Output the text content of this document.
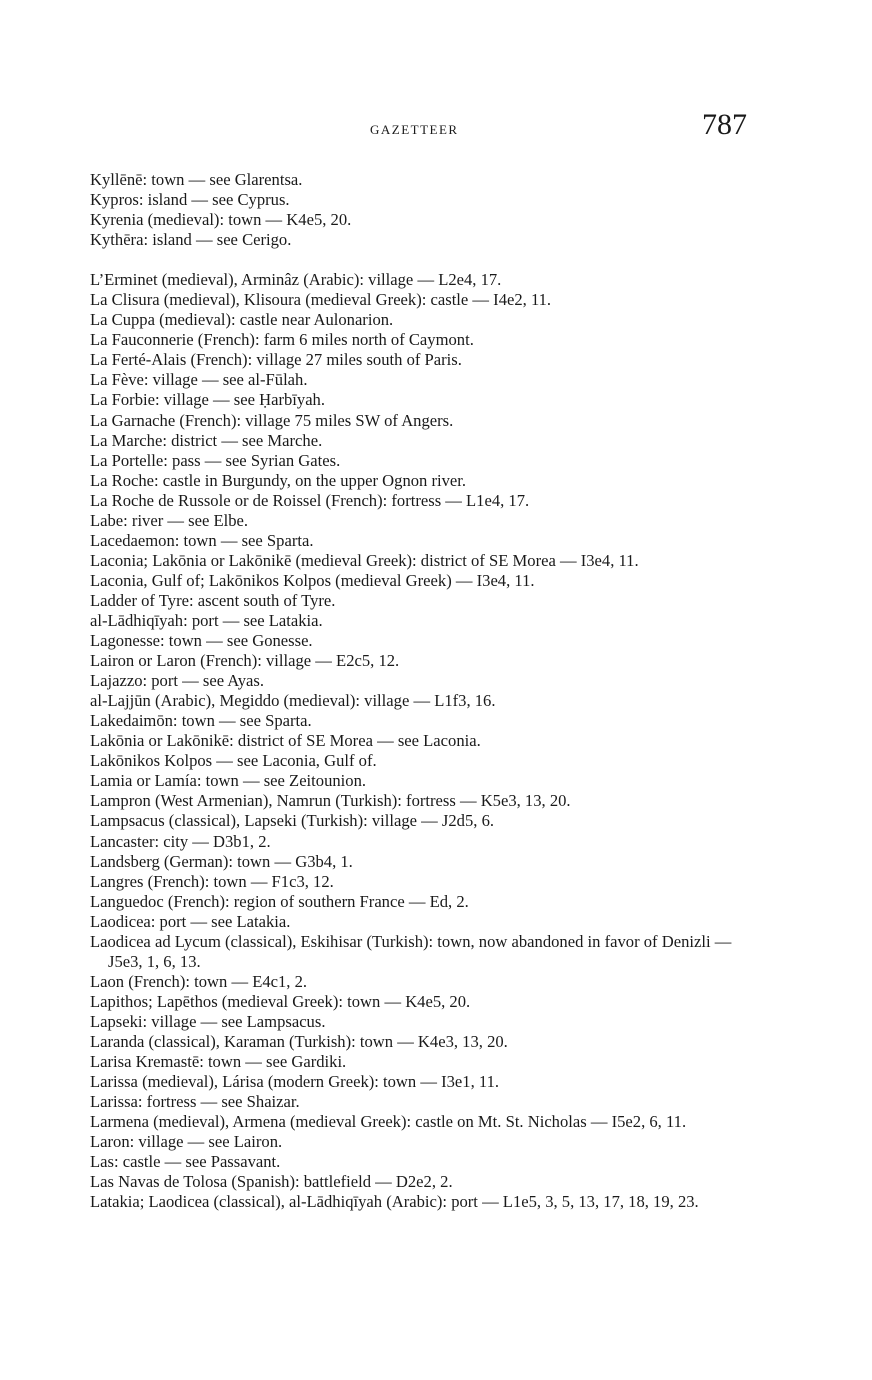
GAZETTEER	787
Kyllēnē: town — see Glarentsa.
Kypros: island — see Cyprus.
Kyrenia (medieval): town — K4e5, 20.
Kythēra: island — see Cerigo.
L’Erminet (medieval), Arminâz (Arabic): village — L2e4, 17.
La Clisura (medieval), Klisoura (medieval Greek): castle — I4e2, 11.
La Cuppa (medieval): castle near Aulonarion.
La Fauconnerie (French): farm 6 miles north of Caymont.
La Ferté-Alais (French): village 27 miles south of Paris.
La Fève: village — see al-Fūlah.
La Forbie: village — see Ḥarbīyah.
La Garnache (French): village 75 miles SW of Angers.
La Marche: district — see Marche.
La Portelle: pass — see Syrian Gates.
La Roche: castle in Burgundy, on the upper Ognon river.
La Roche de Russole or de Roissel (French): fortress — L1e4, 17.
Labe: river — see Elbe.
Lacedaemon: town — see Sparta.
Laconia; Lakōnia or Lakōnikē (medieval Greek): district of SE Morea — I3e4, 11.
Laconia, Gulf of; Lakōnikos Kolpos (medieval Greek) — I3e4, 11.
Ladder of Tyre: ascent south of Tyre.
al-Lādhiqīyah: port — see Latakia.
Lagonesse: town — see Gonesse.
Lairon or Laron (French): village — E2c5, 12.
Lajazzo: port — see Ayas.
al-Lajjūn (Arabic), Megiddo (medieval): village — L1f3, 16.
Lakedaimōn: town — see Sparta.
Lakōnia or Lakōnikē: district of SE Morea — see Laconia.
Lakōnikos Kolpos — see Laconia, Gulf of.
Lamia or Lamía: town — see Zeitounion.
Lampron (West Armenian), Namrun (Turkish): fortress — K5e3, 13, 20.
Lampsacus (classical), Lapseki (Turkish): village — J2d5, 6.
Lancaster: city — D3b1, 2.
Landsberg (German): town — G3b4, 1.
Langres (French): town — F1c3, 12.
Languedoc (French): region of southern France — Ed, 2.
Laodicea: port — see Latakia.
Laodicea ad Lycum (classical), Eskihisar (Turkish): town, now abandoned in favor of Denizli — J5e3, 1, 6, 13.
Laon (French): town — E4c1, 2.
Lapithos; Lapēthos (medieval Greek): town — K4e5, 20.
Lapseki: village — see Lampsacus.
Laranda (classical), Karaman (Turkish): town — K4e3, 13, 20.
Larisa Kremastē: town — see Gardiki.
Larissa (medieval), Lárisa (modern Greek): town — I3e1, 11.
Larissa: fortress — see Shaizar.
Larmena (medieval), Armena (medieval Greek): castle on Mt. St. Nicholas — I5e2, 6, 11.
Laron: village — see Lairon.
Las: castle — see Passavant.
Las Navas de Tolosa (Spanish): battlefield — D2e2, 2.
Latakia; Laodicea (classical), al-Lādhiqīyah (Arabic): port — L1e5, 3, 5, 13, 17, 18, 19, 23.
